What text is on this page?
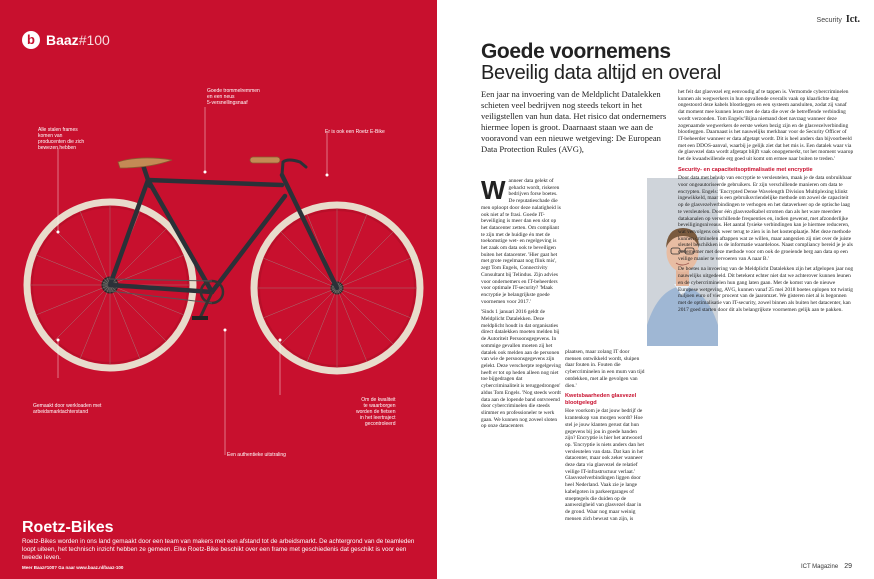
b Baaz#100
Alle stalen frames
komen van
producenten die zich
bewezen hebben
Goede trommelremmen
en een neus
5-versnellingsnaaf
Er is ook een Roetz E-Bike
Gemaakt door werkloaden met
arbeidsmarktachterstand
Om de kwaliteit
te waarborgen
worden de fietsen
in het leertraject
gecontroleerd
Een authentieke uitstraling
Roetz-Bikes
Roetz-Bikes worden in ons land gemaakt door een team van makers met een afstand tot de arbeidsmarkt. De achtergrond van de teamleden loopt uiteen, het technisch inzicht hebben ze gemeen. Elke Roetz-Bike beschikt over een frame met geschiedenis dat geschikt is voor een tweede leven.
Meer Baaz#100? Ga naar www.baaz.nl/baaz-100
Security Ict.
Goede voornemens
Beveilig data altijd en overal
Een jaar na invoering van de Meldplicht Datalekken schieten veel bedrijven nog steeds tekort in het veiligstellen van hun data. Het risico dat ondernemers hiermee lopen is groot. Daarnaast staan we aan de vooravond van een nieuwe wetgeving: De European Data Protection Rules (AVG),

Wanneer data gelekt of gehackt wordt, riskeren bedrijven forse boetes. De reputatieschade die men oploopt door deze nalatigheid is ook niet af te frasi. Goede IT-beveiliging is meer dan een slot op het datacenter zetten. Om compliant te zijn met de huidige én met de toekomstige wet- en regelgeving is het zaak om data ook te beveiligen buiten het datacenter. 'Hier gaat het met grote regelmaat nog flink mis', zegt Tom Engels, Connectivity Consultant bij Telindus. Zijn advies voor ondernemers en IT-beheerders voor optimale IT-security? 'Maak encryptie je belangrijkste goede voornemen voor 2017.'

'Sinds 1 januari 2016 geldt de Meldplicht Datalekken. Deze meldplicht houdt in dat organisaties direct datalekken moeten melden bij de Autoriteit Persoonsgegevens. In sommige gevallen moeten zij het datalek ook melden aan de personen van wie de persoonsgegevens zijn gelekt. Deze verscherpte regelgeving heeft er tot op heden alleen nog niet toe bijgedragen dat cybercriminaliteit is teruggedrongen' aldus Tom Engels. 'Nog steeds wordt data aan de lopende band ontvreemd door cybercriminelen die steeds slimmer en professioneler te werk gaan. We kunnen nog zoveel sloten op onze datacenters

plaatsen, maar zolang IT door mensen ontwikkeld wordt, sluipen daar fouten in. Fouten die cybercriminelen in een mum van tijd ontdekken, met alle gevolgen van dien.'

Kwetsbaarheden glasvezel blootgelegd

Hoe voorkom je dat jouw bedrijf de krantenkop van morgen wordt? Hoe stel je jouw klanten gerust dat hun gegevens bij jou in goede handen zijn? Encryptie is hier het antwoord op. 'Encryptie is niets anders dan het versleutelen van data. Dat kan in het datacenter, maar ook zeker wanneer deze data via glasvezel de relatief veilige IT-infrastructuur verlaat.' Glasvezelverbindingen liggen door heel Nederland. Vaak zie je lange kabelgoten in parkeergarages of stoeptegels die duiden op de aanwezigheid van glasvezel daar in de grond. Waar nog maar weinig mensen zich bewust van zijn, is

het feit dat glasvezel erg eenvoudig af te tappen is. Vermomde cybercriminelen kunnen als wegwerkers in hun opvallende overalls vaak op klaarlichte dag ongestoord deze kabels blootleggen en een systeem aansluiten, zodat zij vanaf dat moment mee kunnen lezen met de data die over de betreffende verbinding wordt verzonden. Tom Engels:'Bijna niemand doet navraag wanneer deze zogenaamde wegwerkers de eerste weken bezig zijn en de glasvezelverbinding blootleggen. Daarnaast is het nauwelijks merkbaar voor de Security Officer of IT-beheerder wanneer er data afgetapt wordt. Dit is heel anders dan bijvoorbeeld met een DDOS-aanval, waarbij je gelijk ziet dat het mis is. Een datalek waar via de glasvezel data wordt afgetapt blijft vaak onopgemerkt, tot het moment waarop het de kwaadwillende erg goed uit komt om ermee naar buiten te treden.'

Security- en capaciteitsoptimalisatie met encryptie

Door data met behulp van encryptie te versleutelen, maak je de data onbruikbaar voor ongeautoriseerde gebruikers. Er zijn verschillende manieren om data te encrypten. Engels: 'Encrypted Dense Wavelength Division Multiplexing klinkt ingewikkeld, maar is een gebruiksvriendelijke methode om zowel de capaciteit op de glasvezelverbindingen te verhogen en het dataverkeer op de optische laag te versleutelen. Door één glasvezelkabel stromen dan als het ware meerdere datakanalen op verschillende frequenties en, indien gewenst, met afzonderlijke beveiligingsniveaus. Het aantal fysieke verbindingen kan je hiermee reduceren, wat vervolgens ook weer terug te zien is in het kostenplaatje. Met deze methode kunnen criminelen aftappen wat ze willen, maar aangezien zij niet over de juiste sleutel beschikken is de informatie waardeloos. Naast compliancy bereid je je als ondernemer met deze methode voor om ook de groeiende berg aan data op een veilige manier te vervoeren van A naar B.'

De boetes na invoering van de Meldplicht Datalekken zijn het afgelopen jaar nog nauwelijks uitgedeeld. Dit betekent echter niet dat we achterover kunnen leunen en de cybercriminelen hun gang laten gaan. Met de komst van de nieuwe Europese wetgeving, AVG, kunnen vanaf 25 mei 2018 boetes oplopen tot twintig miljoen euro of vier procent van de jaaromzet. We gisteren niet al is begonnen met de optimalisatie van IT-security, zowel binnen als buiten het datacenter, kan 2017 goed starten door dit als belangrijkste voornemen gelijk aan te pakken.

ICT Magazine 29
